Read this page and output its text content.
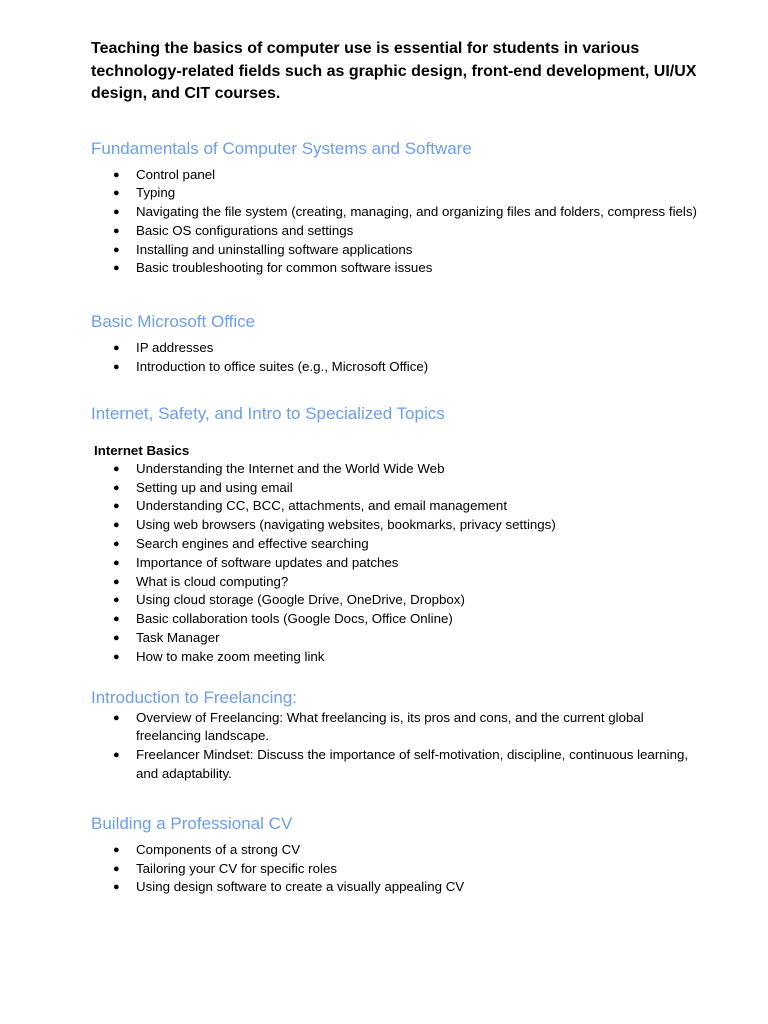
Teaching the basics of computer use is essential for students in various technology-related fields such as graphic design, front-end development, UI/UX design, and CIT courses.

Fundamentals of Computer Systems and Software
● Control panel
● Typing
● Navigating the file system (creating, managing, and organizing files and folders, compress fiels)
● Basic OS configurations and settings
● Installing and uninstalling software applications
● Basic troubleshooting for common software issues
Basic Microsoft Office
● IP addresses
● Introduction to office suites (e.g., Microsoft Office)
Internet, Safety, and Intro to Specialized Topics

Internet Basics

● Understanding the Internet and the World Wide Web
● Setting up and using email
● Understanding CC, BCC, attachments, and email management
● Using web browsers (navigating websites, bookmarks, privacy settings)
● Search engines and effective searching
● Importance of software updates and patches
● What is cloud computing?
● Using cloud storage (Google Drive, OneDrive, Dropbox)
● Basic collaboration tools (Google Docs, Office Online)
● Task Manager
● How to make zoom meeting link
Introduction to Freelancing:
● Overview of Freelancing: What freelancing is, its pros and cons, and the current global freelancing landscape.
● Freelancer Mindset: Discuss the importance of self-motivation, discipline, continuous learning, and adaptability.
Building a Professional CV
● Components of a strong CV
● Tailoring your CV for specific roles
● Using design software to create a visually appealing CV
